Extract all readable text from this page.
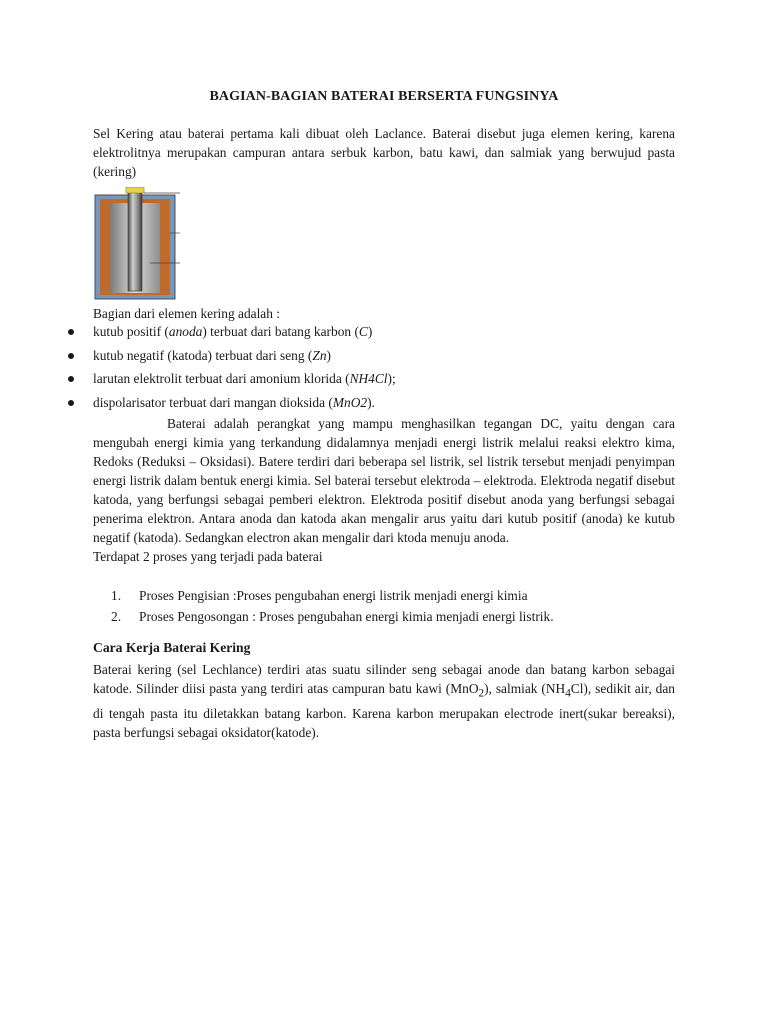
BAGIAN-BAGIAN BATERAI BERSERTA FUNGSINYA
Sel Kering atau baterai pertama kali dibuat oleh Laclance. Baterai disebut juga elemen kering, karena elektrolitnya merupakan campuran antara serbuk karbon, batu kawi, dan salmiak yang berwujud pasta (kering)
Bagian dari elemen kering adalah :
kutub positif (anoda) terbuat dari batang karbon (C)
kutub negatif (katoda) terbuat dari seng (Zn)
larutan elektrolit terbuat dari amonium klorida (NH4Cl);
dispolarisator terbuat dari mangan dioksida (MnO2).
Baterai adalah perangkat yang mampu menghasilkan tegangan DC, yaitu dengan cara mengubah energi kimia yang terkandung didalamnya menjadi energi listrik melalui reaksi elektro kima, Redoks (Reduksi – Oksidasi). Batere terdiri dari beberapa sel listrik, sel listrik tersebut menjadi penyimpan energi listrik dalam bentuk energi kimia. Sel baterai tersebut elektroda – elektroda. Elektroda negatif disebut katoda, yang berfungsi sebagai pemberi elektron. Elektroda positif disebut anoda yang berfungsi sebagai penerima elektron. Antara anoda dan katoda akan mengalir arus yaitu dari kutub positif (anoda) ke kutub negatif (katoda). Sedangkan electron akan mengalir dari ktoda menuju anoda.
Terdapat 2 proses yang terjadi pada baterai
1. Proses Pengisian :Proses pengubahan energi listrik menjadi energi kimia
2. Proses Pengosongan : Proses pengubahan energi kimia menjadi energi listrik.
Cara Kerja Baterai Kering
Baterai kering (sel Lechlance) terdiri atas suatu silinder seng sebagai anode dan batang karbon sebagai katode. Silinder diisi pasta yang terdiri atas campuran batu kawi (MnO$_2$), salmiak $(NH_4Cl)$, sedikit air, dan di tengah pasta itu diletakkan batang karbon. Karena karbon merupakan electrode inert(sukar bereaksi), pasta berfungsi sebagai oksidator(katode).
